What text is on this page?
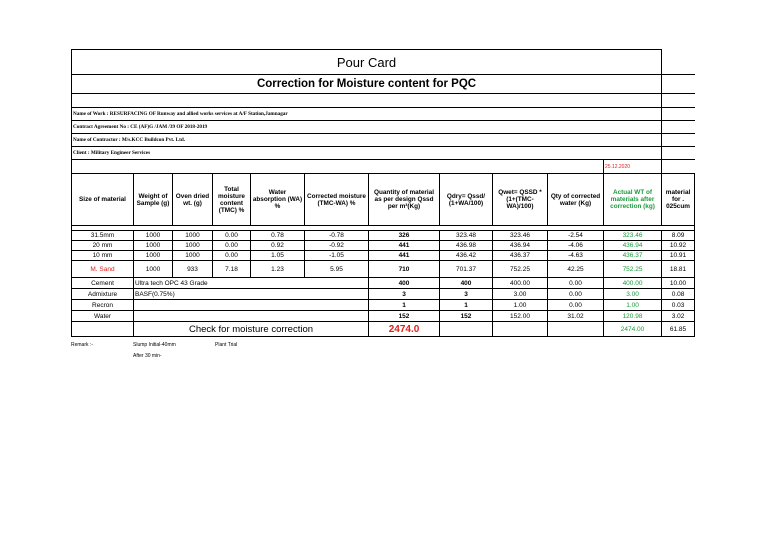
Pour Card											
Correction for Moisture content for PQC											

Name of Work : RESURFACING OF Runway and allied works services at A/F Station,Jamnagar											
Contract Agreement No : CE (AF)G /JAM /39 OF 2018-2019											
Name of Contractor : M/s.KCC Buildcon Pvt. Ltd.											
Client : Military Engineer Services											
										25.12.2020	
Size of material	Weight of Sample (g)	Oven dried wt. (g)	Total moisture content (TMC) %	Water absorption (WA) %	Corrected moisture (TMC-WA) %	Quantity of material as per design Qssd per m³(Kg)	Qdry= Qssd/ (1+WA/100)	Qwet= QSSD * (1+(TMC-WA)/100)	Qty of corrected water (Kg)	Actual WT of materials after correction (kg)	material for . 025cum

31.5mm	1000	1000	0.00	0.78	-0.78	326	323.48	323.46	-2.54	323.46	8.09
20 mm	1000	1000	0.00	0.92	-0.92	441	436.98	436.94	-4.06	436.94	10.92
10 mm	1000	1000	0.00	1.05	-1.05	441	436.42	436.37	-4.63	436.37	10.91
M. Sand	1000	933	7.18	1.23	5.95	710	701.37	752.25	42.25	752.25	18.81
Cement	Ultra tech OPC 43 Grade					400	400	400.00	0.00	400.00	10.00
Admixture	BASF(0.75%)					3	3	3.00	0.00	3.00	0.08
Recron						1	1	1.00	0.00	1.00	0.03
Water						152	152	152.00	31.02	120.98	3.02
	Check for moisture correction					2474.0				2474.00	61.85
Remark :-	Slump Initial-40mm	Plant Trial
After 30 min-
